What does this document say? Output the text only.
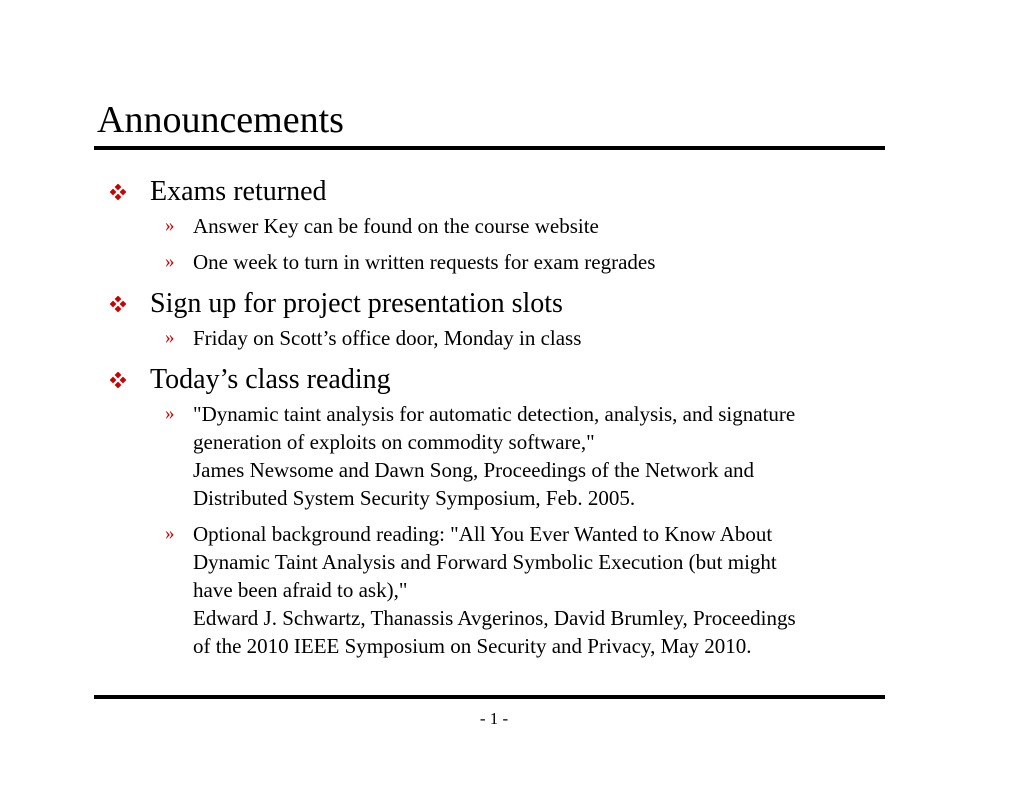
Announcements
Exams returned
» Answer Key can be found on the course website
» One week to turn in written requests for exam regrades
Sign up for project presentation slots
» Friday on Scott’s office door, Monday in class
Today’s class reading
» "Dynamic taint analysis for automatic detection, analysis, and signature
generation of exploits on commodity software,"
James Newsome and Dawn Song, Proceedings of the Network and
Distributed System Security Symposium, Feb. 2005.
» Optional background reading: "All You Ever Wanted to Know About
Dynamic Taint Analysis and Forward Symbolic Execution (but might
have been afraid to ask),"
Edward J. Schwartz, Thanassis Avgerinos, David Brumley, Proceedings
of the 2010 IEEE Symposium on Security and Privacy, May 2010.
- 1 -
